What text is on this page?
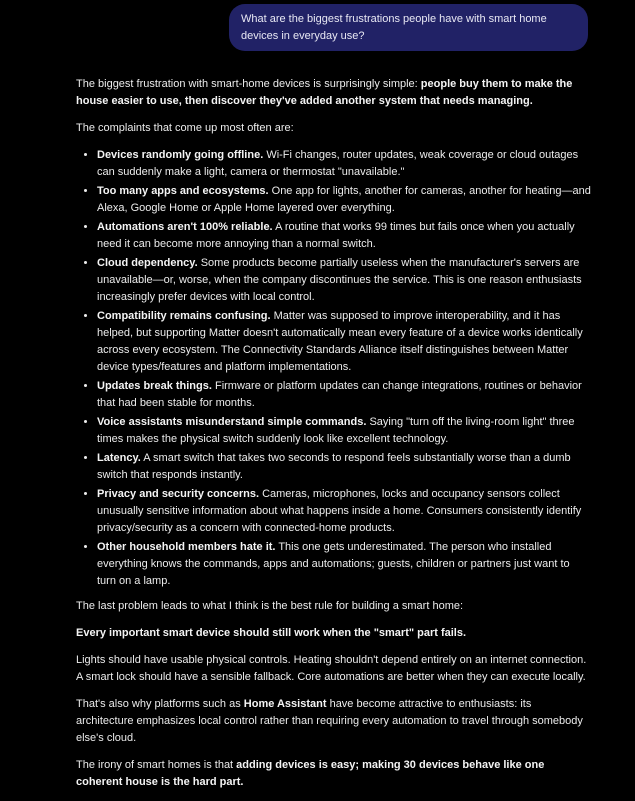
What are the biggest frustrations people have with smart home devices in everyday use?

The biggest frustration with smart-home devices is surprisingly simple: people buy them to make the house easier to use, then discover they've added another system that needs managing.

The complaints that come up most often are:

• Devices randomly going offline. Wi-Fi changes, router updates, weak coverage or cloud outages can suddenly make a light, camera or thermostat "unavailable."
• Too many apps and ecosystems. One app for lights, another for cameras, another for heating—and Alexa, Google Home or Apple Home layered over everything.
• Automations aren't 100% reliable. A routine that works 99 times but fails once when you actually need it can become more annoying than a normal switch.
• Cloud dependency. Some products become partially useless when the manufacturer's servers are unavailable—or, worse, when the company discontinues the service. This is one reason enthusiasts increasingly prefer devices with local control.
• Compatibility remains confusing. Matter was supposed to improve interoperability, and it has helped, but supporting Matter doesn't automatically mean every feature of a device works identically across every ecosystem. The Connectivity Standards Alliance itself distinguishes between Matter device types/features and platform implementations.
• Updates break things. Firmware or platform updates can change integrations, routines or behavior that had been stable for months.
• Voice assistants misunderstand simple commands. Saying "turn off the living-room light" three times makes the physical switch suddenly look like excellent technology.
• Latency. A smart switch that takes two seconds to respond feels substantially worse than a dumb switch that responds instantly.
• Privacy and security concerns. Cameras, microphones, locks and occupancy sensors collect unusually sensitive information about what happens inside a home. Consumers consistently identify privacy/security as a concern with connected-home products.
• Other household members hate it. This one gets underestimated. The person who installed everything knows the commands, apps and automations; guests, children or partners just want to turn on a lamp.

The last problem leads to what I think is the best rule for building a smart home:

Every important smart device should still work when the "smart" part fails.

Lights should have usable physical controls. Heating shouldn't depend entirely on an internet connection. A smart lock should have a sensible fallback. Core automations are better when they can execute locally.

That's also why platforms such as Home Assistant have become attractive to enthusiasts: its architecture emphasizes local control rather than requiring every automation to travel through somebody else's cloud.

The irony of smart homes is that adding devices is easy; making 30 devices behave like one coherent house is the hard part.
